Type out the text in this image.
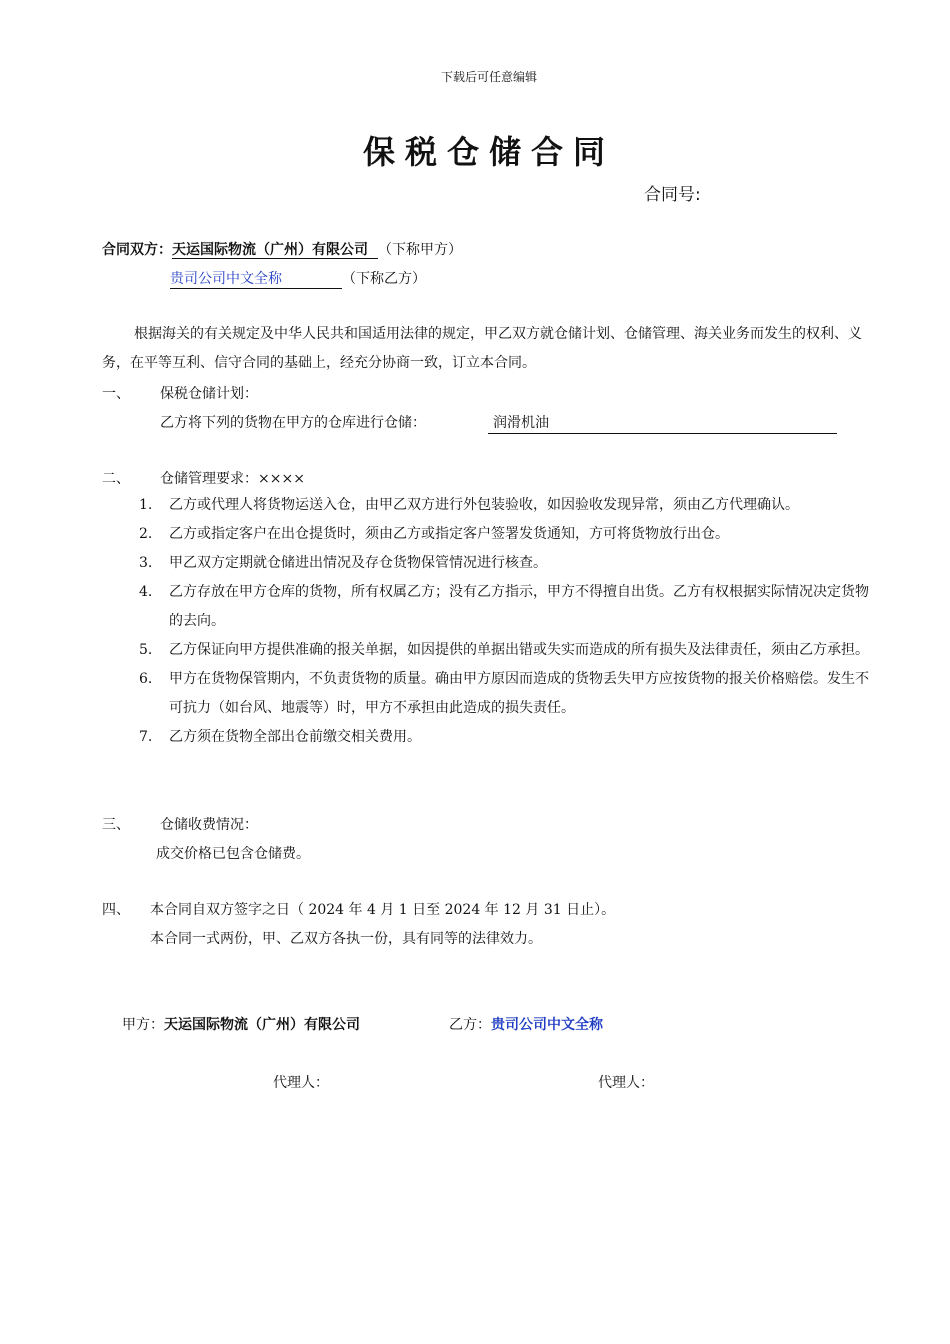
下载后可任意编辑
保税仓储合同
合同号:
合同双方：天运国际物流（广州）有限公司 （下称甲方）
贵司公司中文全称	（下称乙方）
根据海关的有关规定及中华人民共和国适用法律的规定，甲乙双方就仓储计划、仓储管理、海关业务而发生的权利、义务，在平等互利、信守合同的基础上，经充分协商一致，订立本合同。
一、 保税仓储计划：
乙方将下列的货物在甲方的仓库进行仓储：	润滑机油
二、 仓储管理要求：××××
1. 乙方或代理人将货物运送入仓，由甲乙双方进行外包装验收，如因验收发现异常，须由乙方代理确认。
2. 乙方或指定客户在出仓提货时，须由乙方或指定客户签署发货通知，方可将货物放行出仓。
3. 甲乙双方定期就仓储进出情况及存仓货物保管情况进行核查。
4. 乙方存放在甲方仓库的货物，所有权属乙方；没有乙方指示，甲方不得擅自出货。乙方有权根据实际情况决定货物的去向。
5. 乙方保证向甲方提供准确的报关单据，如因提供的单据出错或失实而造成的所有损失及法律责任，须由乙方承担。
6. 甲方在货物保管期内，不负责货物的质量。确由甲方原因而造成的货物丢失甲方应按货物的报关价格赔偿。发生不可抗力（如台风、地震等）时，甲方不承担由此造成的损失责任。
7. 乙方须在货物全部出仓前缴交相关费用。
三、 仓储收费情况：
成交价格已包含仓储费。
四、 本合同自双方签字之日（ 2024 年 4 月 1 日至 2024 年 12 月 31 日止）。
本合同一式两份，甲、乙双方各执一份，具有同等的法律效力。
甲方：天运国际物流（广州）有限公司	乙方：贵司公司中文全称
代理人：	代理人：
